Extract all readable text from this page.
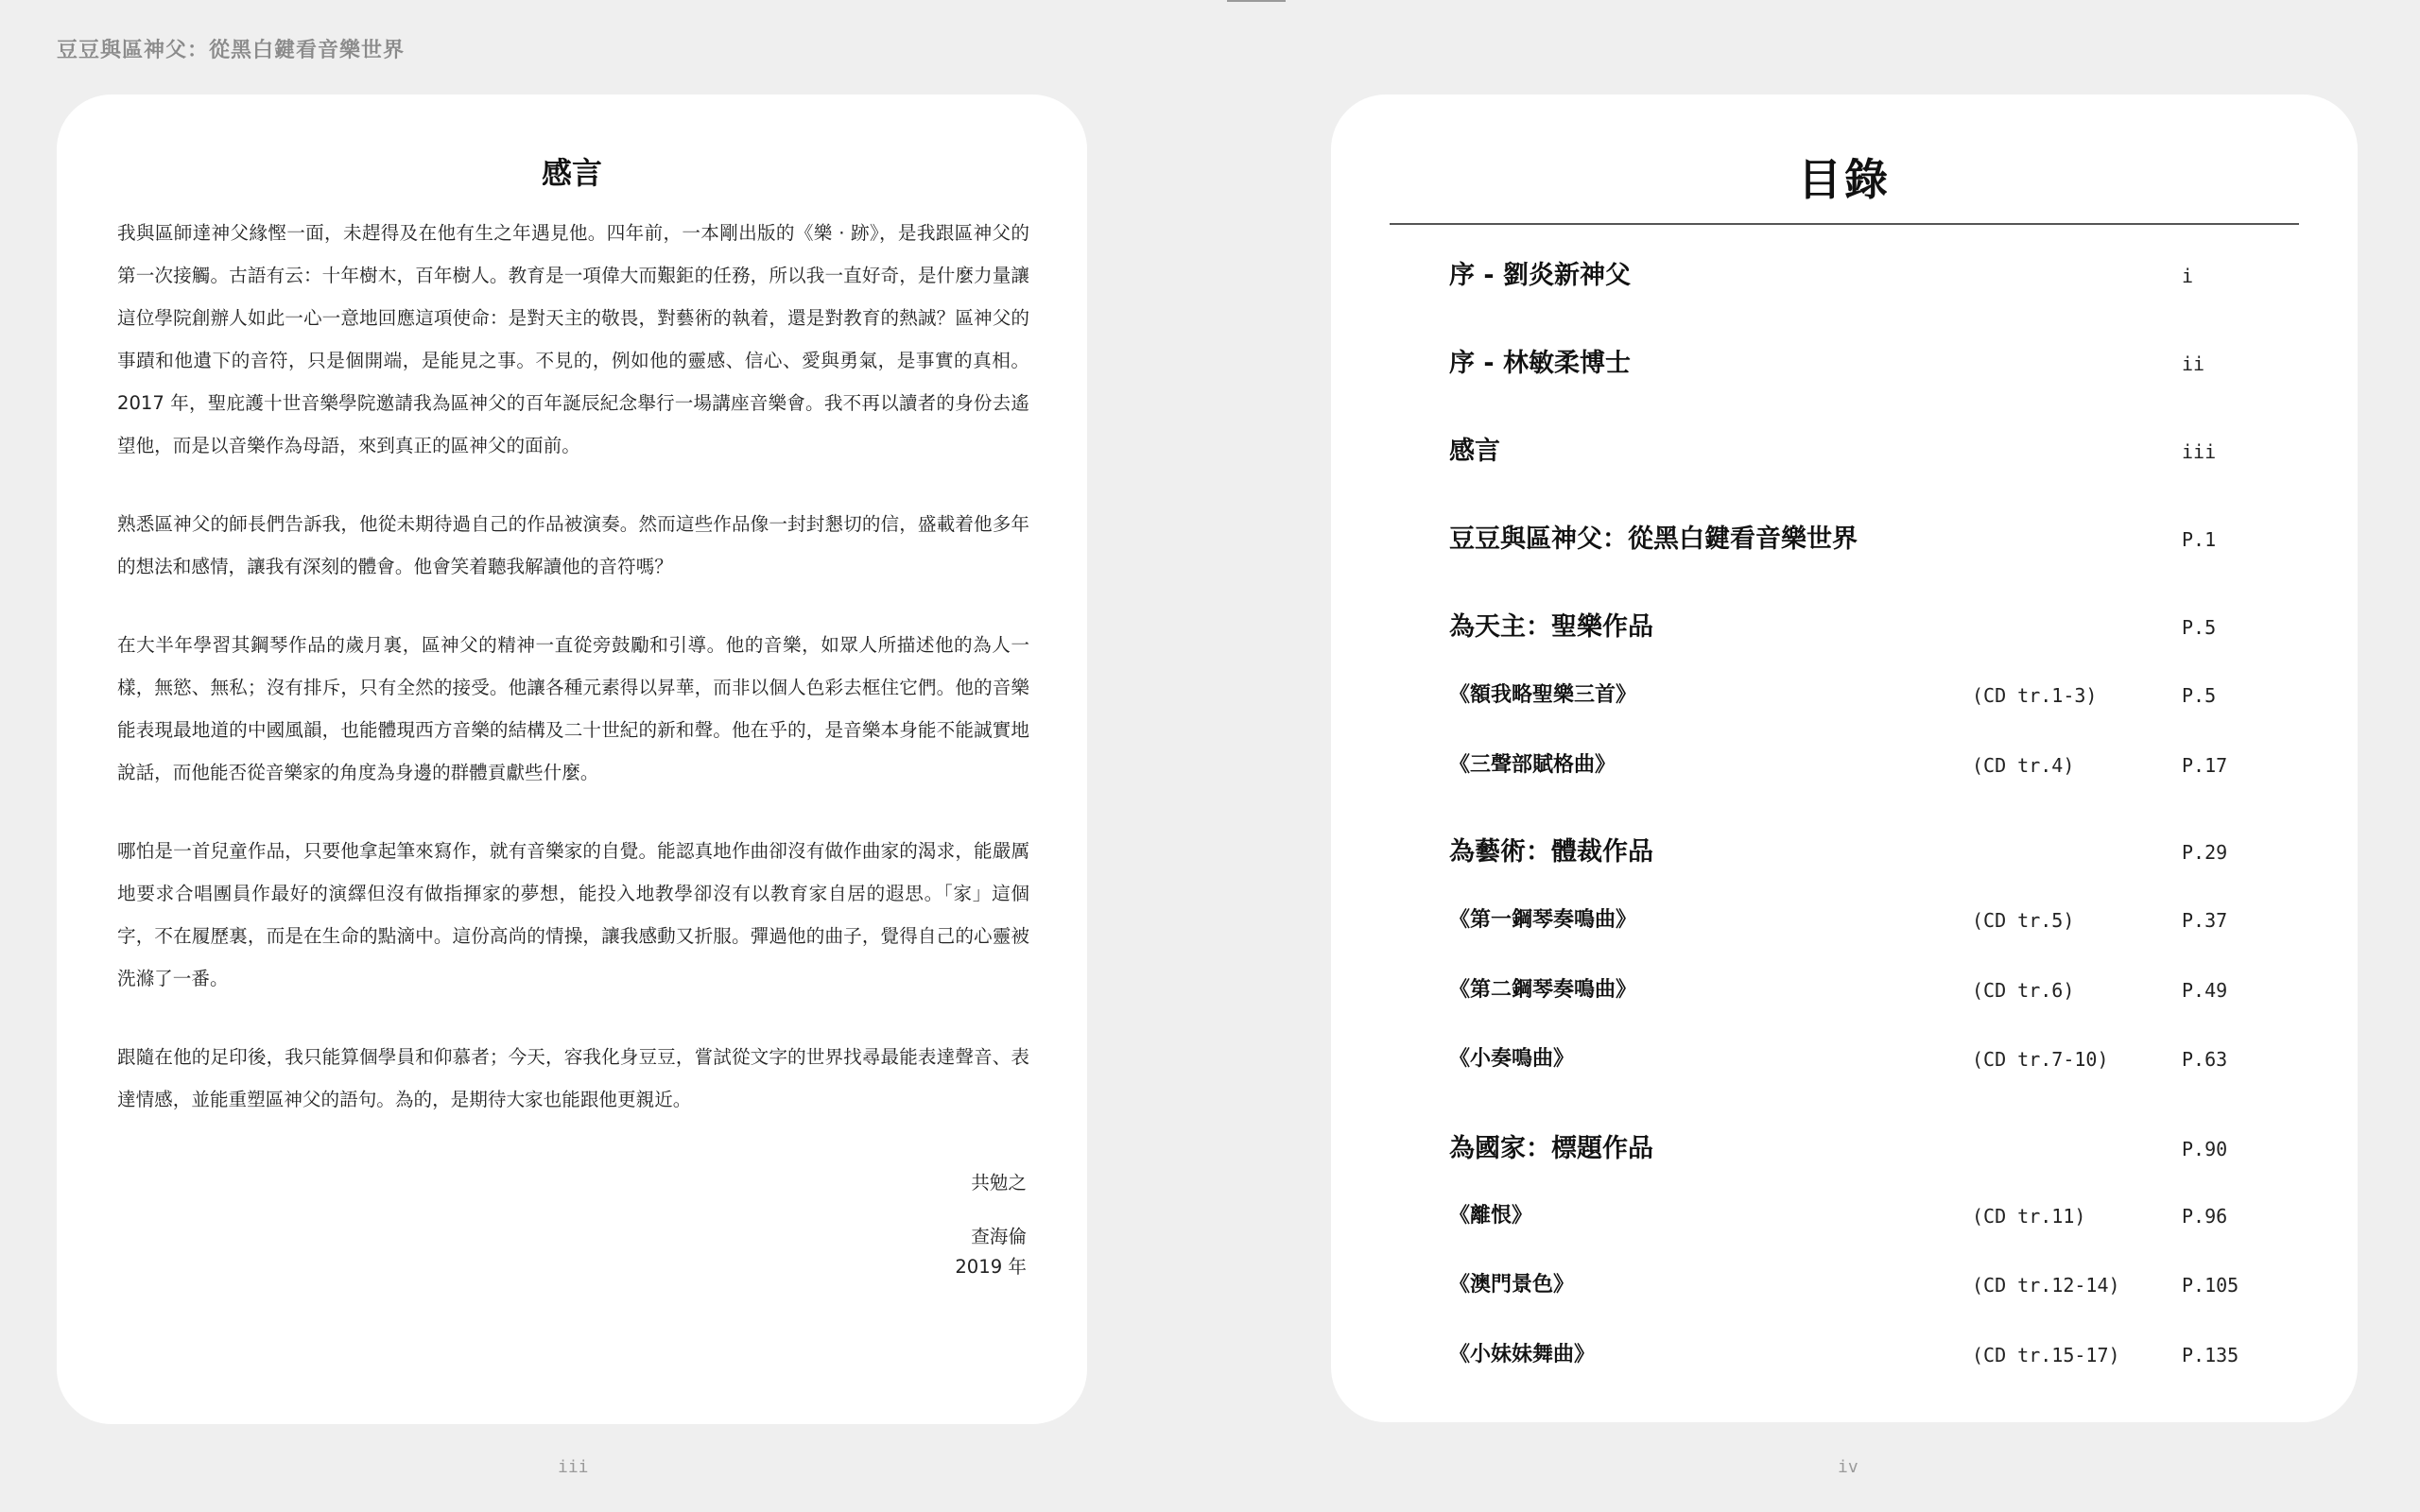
豆豆與區神父：從黑白鍵看音樂世界
感言

我與區師達神父緣慳一面，未趕得及在他有生之年遇見他。四年前，一本剛出版的《樂 · 跡》，是我跟區神父的第一次接觸。古語有云：十年樹木，百年樹人。教育是一項偉大而艱鉅的任務，所以我一直好奇，是什麼力量讓這位學院創辦人如此一心一意地回應這項使命：是對天主的敬畏，對藝術的執着，還是對教育的熱誠？區神父的事蹟和他遺下的音符，只是個開端，是能見之事。不見的，例如他的靈感、信心、愛與勇氣，是事實的真相。2017 年，聖庇護十世音樂學院邀請我為區神父的百年誕辰紀念舉行一場講座音樂會。我不再以讀者的身份去遙望他，而是以音樂作為母語，來到真正的區神父的面前。

熟悉區神父的師長們告訴我，他從未期待過自己的作品被演奏。然而這些作品像一封封懇切的信，盛載着他多年的想法和感情，讓我有深刻的體會。他會笑着聽我解讀他的音符嗎？

在大半年學習其鋼琴作品的歲月裏，區神父的精神一直從旁鼓勵和引導。他的音樂，如眾人所描述他的為人一樣，無慾、無私；沒有排斥，只有全然的接受。他讓各種元素得以昇華，而非以個人色彩去框住它們。他的音樂能表現最地道的中國風韻，也能體現西方音樂的結構及二十世紀的新和聲。他在乎的，是音樂本身能不能誠實地說話，而他能否從音樂家的角度為身邊的群體貢獻些什麼。

哪怕是一首兒童作品，只要他拿起筆來寫作，就有音樂家的自覺。能認真地作曲卻沒有做作曲家的渴求，能嚴厲地要求合唱團員作最好的演繹但沒有做指揮家的夢想，能投入地教學卻沒有以教育家自居的遐思。「家」這個字，不在履歷裏，而是在生命的點滴中。這份高尚的情操，讓我感動又折服。彈過他的曲子，覺得自己的心靈被洗滌了一番。

跟隨在他的足印後，我只能算個學員和仰慕者；今天，容我化身豆豆，嘗試從文字的世界找尋最能表達聲音、表達情感，並能重塑區神父的語句。為的，是期待大家也能跟他更親近。

共勉之
查海倫
2019 年
目錄
序 - 劉炎新神父	i
序 - 林敏柔博士	ii
感言	iii
豆豆與區神父：從黑白鍵看音樂世界	P.1
為天主：聖樂作品	P.5
《額我略聖樂三首》	(CD tr.1-3)	P.5
《三聲部賦格曲》	(CD tr.4)	P.17
為藝術：體裁作品	P.29
《第一鋼琴奏鳴曲》	(CD tr.5)	P.37
《第二鋼琴奏鳴曲》	(CD tr.6)	P.49
《小奏鳴曲》	(CD tr.7-10)	P.63
為國家：標題作品	P.90
《離恨》	(CD tr.11)	P.96
《澳門景色》	(CD tr.12-14)	P.105
《小妹妹舞曲》	(CD tr.15-17)	P.135
iii	iv
